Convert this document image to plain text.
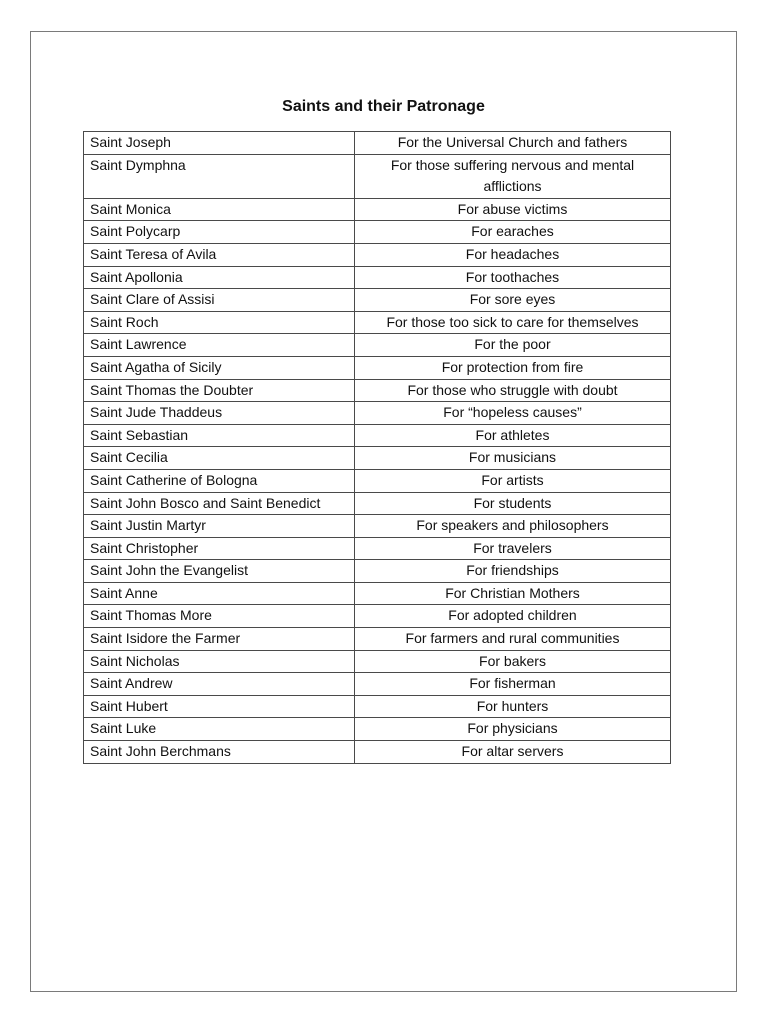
Saints and their Patronage
Saint Joseph	For the Universal Church and fathers
Saint Dymphna	For those suffering nervous and mental afflictions
Saint Monica	For abuse victims
Saint Polycarp	For earaches
Saint Teresa of Avila	For headaches
Saint Apollonia	For toothaches
Saint Clare of Assisi	For sore eyes
Saint Roch	For those too sick to care for themselves
Saint Lawrence	For the poor
Saint Agatha of Sicily	For protection from fire
Saint Thomas the Doubter	For those who struggle with doubt
Saint Jude Thaddeus	For “hopeless causes”
Saint Sebastian	For athletes
Saint Cecilia	For musicians
Saint Catherine of Bologna	For artists
Saint John Bosco and Saint Benedict	For students
Saint Justin Martyr	For speakers and philosophers
Saint Christopher	For travelers
Saint John the Evangelist	For friendships
Saint Anne	For Christian Mothers
Saint Thomas More	For adopted children
Saint Isidore the Farmer	For farmers and rural communities
Saint Nicholas	For bakers
Saint Andrew	For fisherman
Saint Hubert	For hunters
Saint Luke	For physicians
Saint John Berchmans	For altar servers
